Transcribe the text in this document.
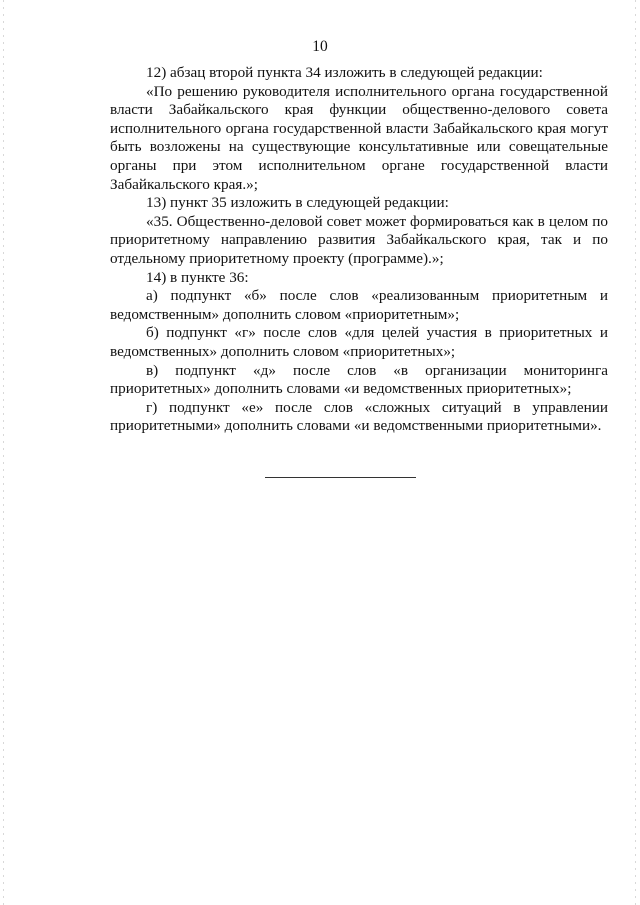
10

12) абзац второй пункта 34 изложить в следующей редакции:

«По решению руководителя исполнительного органа государственной власти Забайкальского края функции общественно-делового совета исполнительного органа государственной власти Забайкальского края могут быть возложены на существующие консультативные или совещательные органы при этом исполнительном органе государственной власти Забайкальского края.»;

13) пункт 35 изложить в следующей редакции:

«35. Общественно-деловой совет может формироваться как в целом по приоритетному направлению развития Забайкальского края, так и по отдельному приоритетному проекту (программе).»;

14) в пункте 36:

а) подпункт «б» после слов «реализованным приоритетным и ведомственным» дополнить словом «приоритетным»;

б) подпункт «г» после слов «для целей участия в приоритетных и ведомственных» дополнить словом «приоритетных»;

в) подпункт «д» после слов «в организации мониторинга приоритетных» дополнить словами «и ведомственных приоритетных»;

г) подпункт «е» после слов «сложных ситуаций в управлении приоритетными» дополнить словами «и ведомственными приоритетными».
